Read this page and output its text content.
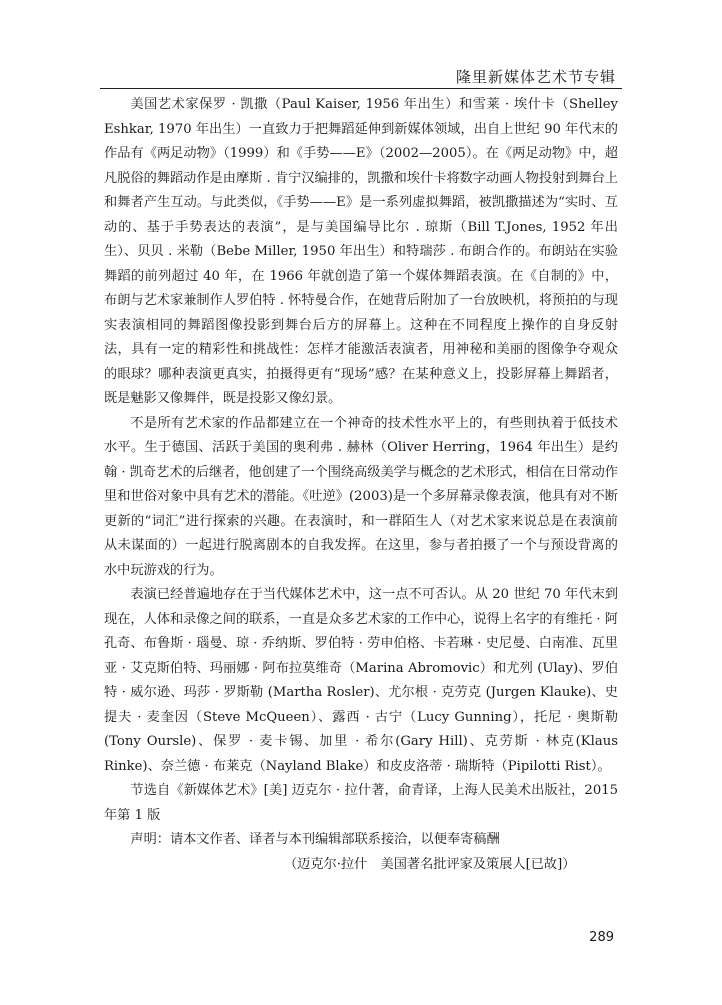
隆里新媒体艺术节专辑

美国艺术家保罗 · 凯撒（Paul Kaiser, 1956 年出生）和雪莱 · 埃什卡（Shelley Eshkar, 1970 年出生）一直致力于把舞蹈延伸到新媒体领域，出自上世纪 90 年代末的作品有《两足动物》（1999）和《手势——E》（2002—2005）。在《两足动物》中，超凡脱俗的舞蹈动作是由摩斯 . 肯宁汉编排的，凯撒和埃什卡将数字动画人物投射到舞台上和舞者产生互动。与此类似，《手势——E》是一系列虚拟舞蹈，被凯撒描述为“实时、互动的、基于手势表达的表演”，是与美国编导比尔 . 琼斯（Bill T.Jones, 1952 年出生）、贝贝 . 米勒（Bebe Miller, 1950 年出生）和特瑞莎 . 布朗合作的。布朗站在实验舞蹈的前列超过 40 年，在 1966 年就创造了第一个媒体舞蹈表演。在《自制的》中，布朗与艺术家兼制作人罗伯特 . 怀特曼合作，在她背后附加了一台放映机，将预拍的与现实表演相同的舞蹈图像投影到舞台后方的屏幕上。这种在不同程度上操作的自身反射法，具有一定的精彩性和挑战性：怎样才能激活表演者，用神秘和美丽的图像争夺观众的眼球？哪种表演更真实，拍摄得更有“现场”感？在某种意义上，投影屏幕上舞蹈者，既是魅影又像舞伴，既是投影又像幻景。

不是所有艺术家的作品都建立在一个神奇的技术性水平上的，有些則执着于低技术水平。生于德国、活跃于美国的奥利弗 . 赫林（Oliver Herring，1964 年出生）是约翰 · 凯奇艺术的后继者，他创建了一个围绕高级美学与概念的艺术形式，相信在日常动作里和世俗对象中具有艺术的潜能。《吐逆》(2003)是一个多屏幕录像表演，他具有对不断更新的“词汇”进行探索的兴趣。在表演时，和一群陌生人（对艺术家来说总是在表演前从未谋面的）一起进行脱离剧本的自我发挥。在这里，参与者拍摄了一个与预设背离的水中玩游戏的行为。

表演已经普遍地存在于当代媒体艺术中，这一点不可否认。从 20 世纪 70 年代末到现在，人体和录像之间的联系，一直是众多艺术家的工作中心，说得上名字的有维托 · 阿孔奇、布鲁斯 · 瑙曼、琼 · 乔纳斯、罗伯特 · 劳申伯格、卡若琳 · 史尼曼、白南准、瓦里亚 · 艾克斯伯特、玛丽娜 · 阿布拉莫维奇（Marina Abromovic）和尤列 (Ulay)、罗伯特 · 威尔逊、玛莎 · 罗斯勒 (Martha Rosler)、尤尔根 · 克劳克 (Jurgen Klauke)、史提夫 · 麦奎因（Steve McQueen）、露西 · 古宁（Lucy Gunning），托尼 · 奥斯勒(Tony Oursle)、保罗 · 麦卡锡、加里 · 希尔(Gary Hill)、克劳斯 · 林克(Klaus Rinke)、奈兰德 · 布莱克（Nayland Blake）和皮皮洛蒂 · 瑞斯特（Pipilotti Rist）。

节选自《新媒体艺术》[美] 迈克尔 · 拉什著，俞青译，上海人民美术出版社，2015 年第 1 版

声明：请本文作者、译者与本刊编辑部联系接洽，以便奉寄稿酬

（迈克尔·拉什　美国著名批评家及策展人[已故]）

289
